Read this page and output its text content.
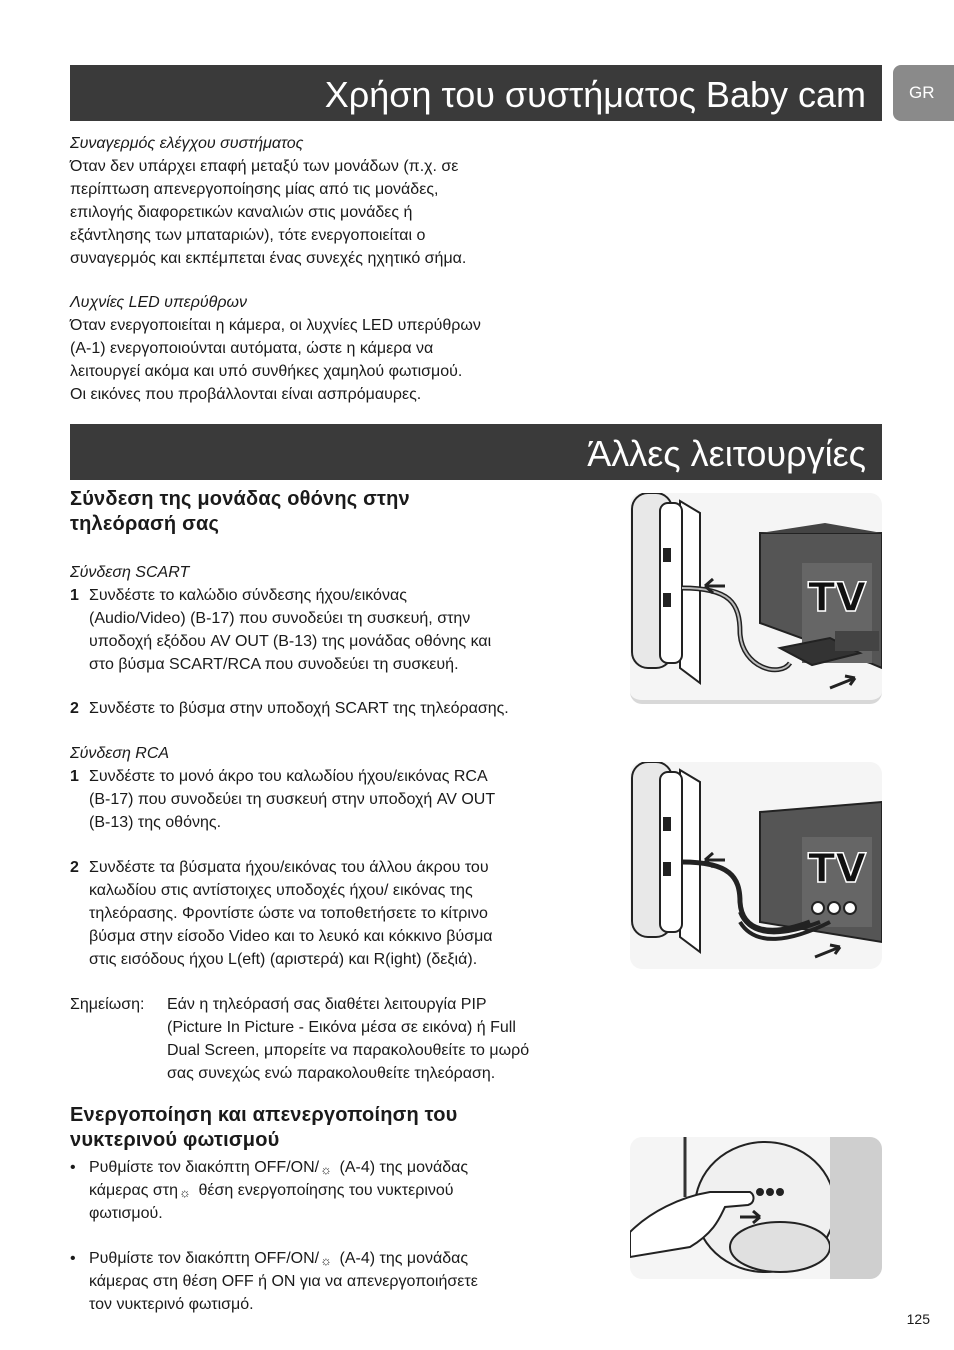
Χρήση του συστήματος Baby cam	GR
Συναγερμός ελέγχου συστήματος
Όταν δεν υπάρχει επαφή μεταξύ των μονάδων (π.χ. σε
περίπτωση απενεργοποίησης μίας από τις μονάδες,
επιλογής διαφορετικών καναλιών στις μονάδες ή
εξάντλησης των μπαταριών), τότε ενεργοποιείται ο
συναγερμός και εκπέμπεται ένας συνεχές ηχητικό σήμα.
Λυχνίες LED υπερύθρων
Όταν ενεργοποιείται η κάμερα, οι λυχνίες LED υπερύθρων
(A-1) ενεργοποιούνται αυτόματα, ώστε η κάμερα να
λειτουργεί ακόμα και υπό συνθήκες χαμηλού φωτισμού.
Οι εικόνες που προβάλλονται είναι ασπρόμαυρες.
Άλλες λειτουργίες
Σύνδεση της μονάδας οθόνης στην
τηλεόρασή σας
Σύνδεση SCART
1 Συνδέστε το καλώδιο σύνδεσης ήχου/εικόνας
(Audio/Video) (B-17) που συνοδεύει τη συσκευή, στην
υποδοχή εξόδου AV OUT (B-13) της μονάδας οθόνης και
στο βύσμα SCART/RCA που συνοδεύει τη συσκευή.
2 Συνδέστε το βύσμα στην υποδοχή SCART της τηλεόρασης.
Σύνδεση RCA
1 Συνδέστε το μονό άκρο του καλωδίου ήχου/εικόνας RCA
(B-17) που συνοδεύει τη συσκευή στην υποδοχή AV OUT
(B-13) της οθόνης.
2 Συνδέστε τα βύσματα ήχου/εικόνας του άλλου άκρου του
καλωδίου στις αντίστοιχες υποδοχές ήχου/ εικόνας της
τηλεόρασης. Φροντίστε ώστε να τοποθετήσετε το κίτρινο
βύσμα στην είσοδο Video και το λευκό και κόκκινο βύσμα
στις εισόδους ήχου L(eft) (αριστερά) και R(ight) (δεξιά).
Σημείωση:	Εάν η τηλεόρασή σας διαθέτει λειτουργία PIP
(Picture In Picture - Εικόνα μέσα σε εικόνα) ή Full
Dual Screen, μπορείτε να παρακολουθείτε το μωρό
σας συνεχώς ενώ παρακολουθείτε τηλεόραση.
Ενεργοποίηση και απενεργοποίηση του
νυκτερινού φωτισμού
• Ρυθμίστε τον διακόπτη OFF/ON/☼ (A-4) της μονάδας
κάμερας στη☼ θέση ενεργοποίησης του νυκτερινού
φωτισμού.
• Ρυθμίστε τον διακόπτη OFF/ON/☼ (A-4) της μονάδας
κάμερας στη θέση OFF ή ON για να απενεργοποιήσετε
τον νυκτερινό φωτισμό.
TV
TV
125
